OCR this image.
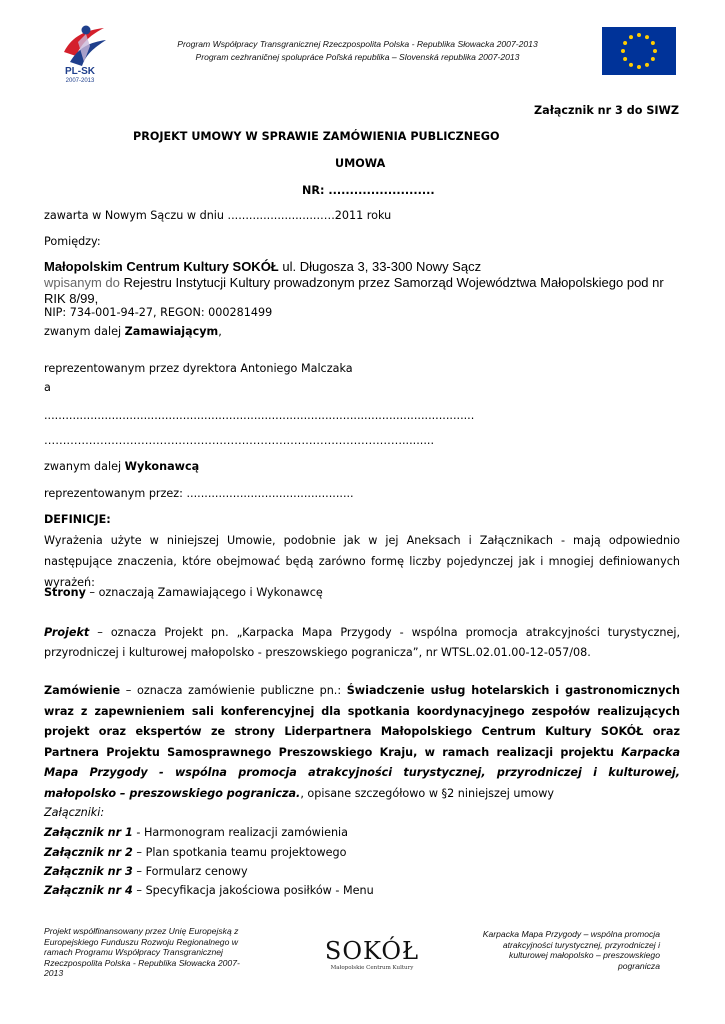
PL-SK
2007-2013
Program Współpracy Transgranicznej Rzeczpospolita Polska - Republika Słowacka 2007-2013
Program cezhraničnej spolupráce Poľská republika – Slovenská republika 2007-2013
Załącznik nr 3 do SIWZ
PROJEKT UMOWY W SPRAWIE ZAMÓWIENIA PUBLICZNEGO
UMOWA
NR: .........................
zawarta w Nowym Sączu w dniu ..........................….2011 roku
Pomiędzy:
Małopolskim Centrum Kultury SOKÓŁ ul. Długosza 3, 33-300 Nowy Sącz
wpisanym do Rejestru Instytucji Kultury prowadzonym przez Samorząd Województwa Małopolskiego pod nr RIK 8/99,
NIP: 734-001-94-27, REGON: 000281499
zwanym dalej Zamawiającym,
reprezentowanym przez dyrektora Antoniego Malczaka
a
.........................................................................................................................
…………………………………………………………………………………….........
zwanym dalej Wykonawcą
reprezentowanym przez: ...............................................
DEFINICJE:
Wyrażenia użyte w niniejszej Umowie, podobnie jak w jej Aneksach i Załącznikach - mają odpowiednio następujące znaczenia, które obejmować będą zarówno formę liczby pojedynczej jak i mnogiej definiowanych wyrażeń:
Strony – oznaczają Zamawiającego i Wykonawcę
Projekt – oznacza Projekt pn. „Karpacka Mapa Przygody - wspólna promocja atrakcyjności turystycznej, przyrodniczej i kulturowej małopolsko - preszowskiego pogranicza”, nr WTSL.02.01.00-12-057/08.
Zamówienie – oznacza zamówienie publiczne pn.: Świadczenie usług hotelarskich i gastronomicznych wraz z zapewnieniem sali konferencyjnej dla spotkania koordynacyjnego zespołów realizujących projekt oraz ekspertów ze strony Liderpartnera Małopolskiego Centrum Kultury SOKÓŁ oraz Partnera Projektu Samosprawnego Preszowskiego Kraju, w ramach realizacji projektu Karpacka Mapa Przygody - wspólna promocja atrakcyjności turystycznej, przyrodniczej i kulturowej, małopolsko – preszowskiego pogranicza., opisane szczegółowo w §2 niniejszej umowy
Załączniki:
Załącznik nr 1 - Harmonogram realizacji zamówienia
Załącznik nr 2 – Plan spotkania teamu projektowego
Załącznik nr 3 – Formularz cenowy
Załącznik nr 4 – Specyfikacja jakościowa posiłków - Menu
Projekt współfinansowany przez Unię Europejską z Europejskiego Funduszu Rozwoju Regionalnego w ramach Programu Współpracy Transgranicznej Rzeczpospolita Polska - Republika Słowacka 2007-2013
SOKÓŁ
Małopolskie Centrum Kultury
Karpacka Mapa Przygody – wspólna promocja atrakcyjności turystycznej, przyrodniczej i kulturowej małopolsko – preszowskiego pogranicza
